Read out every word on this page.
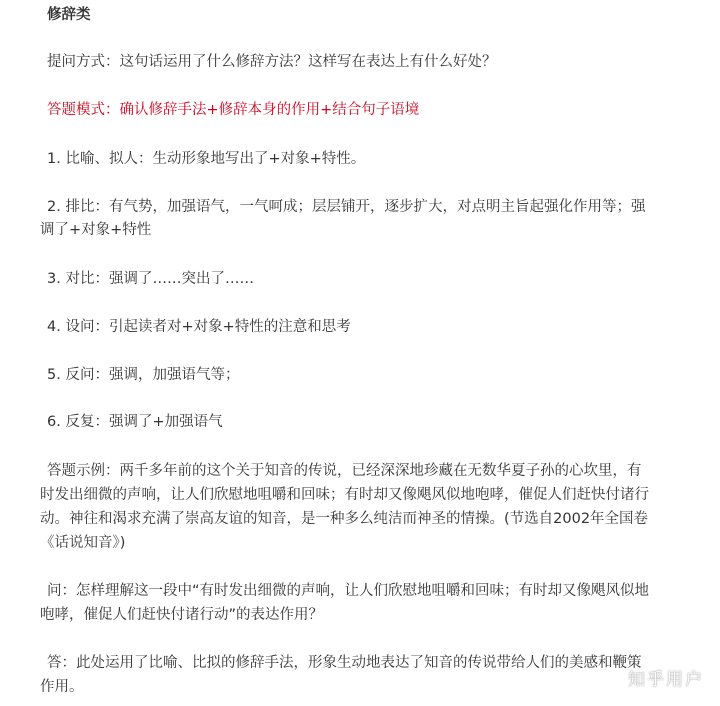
修辞类
提问方式：这句话运用了什么修辞方法？这样写在表达上有什么好处？
答题模式：确认修辞手法+修辞本身的作用+结合句子语境
1. 比喻、拟人：生动形象地写出了+对象+特性。
2. 排比：有气势，加强语气，一气呵成；层层铺开，逐步扩大，对点明主旨起强化作用等；强
调了+对象+特性
3. 对比：强调了……突出了……
4. 设问：引起读者对+对象+特性的注意和思考
5. 反问：强调，加强语气等；
6. 反复：强调了+加强语气
答题示例：两千多年前的这个关于知音的传说，已经深深地珍藏在无数华夏子孙的心坎里，有
时发出细微的声响，让人们欣慰地咀嚼和回味；有时却又像飓风似地咆哮，催促人们赶快付诸行
动。神往和渴求充满了崇高友谊的知音，是一种多么纯洁而神圣的情操。(节选自2002年全国卷
《话说知音》)
问：怎样理解这一段中“有时发出细微的声响，让人们欣慰地咀嚼和回味；有时却又像飓风似地
咆哮，催促人们赶快付诸行动”的表达作用？
答：此处运用了比喻、比拟的修辞手法，形象生动地表达了知音的传说带给人们的美感和鞭策
作用。	知乎用户
